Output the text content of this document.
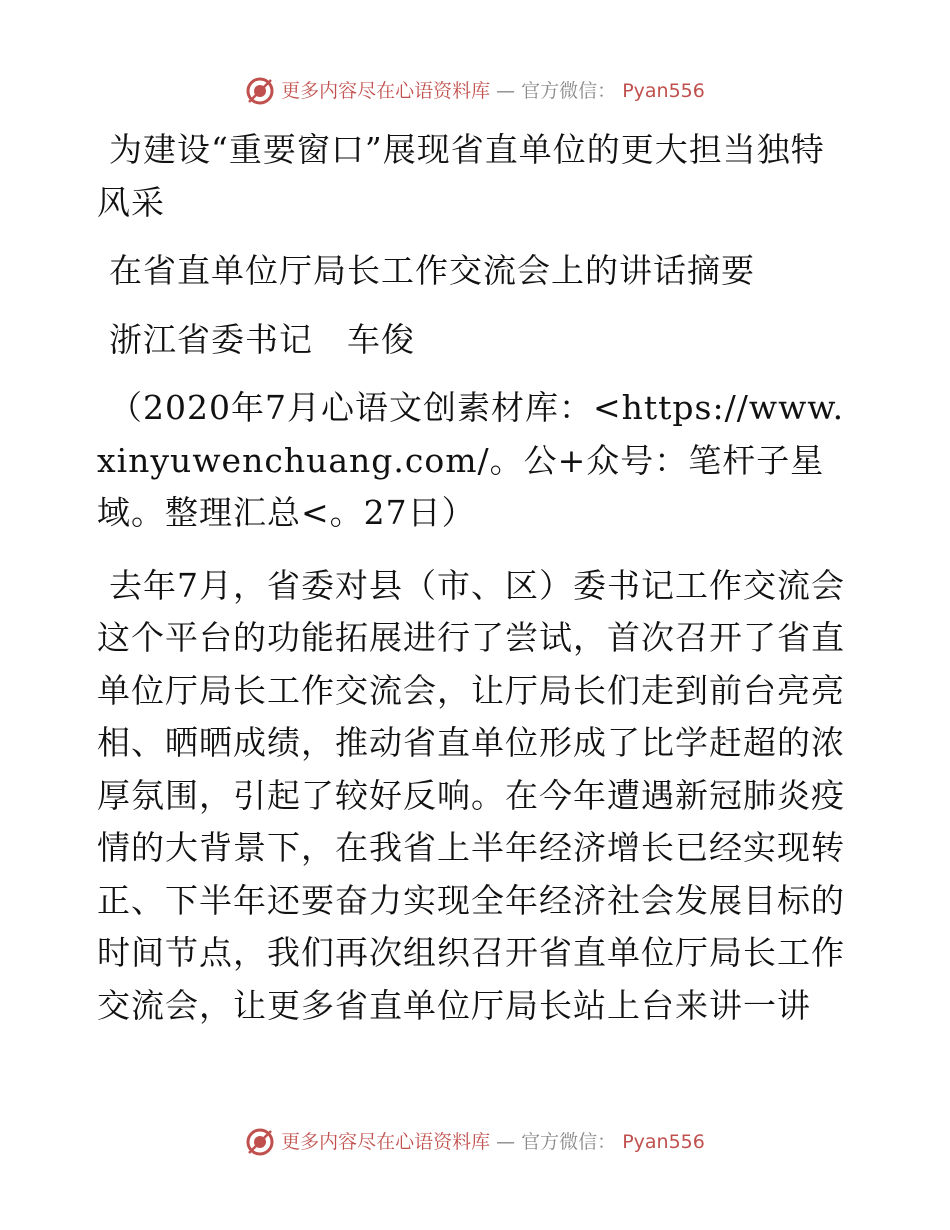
更多内容尽在心语资料库 — 官方微信： Pyan556

为建设“重要窗口”展现省直单位的更大担当独特风采

在省直单位厅局长工作交流会上的讲话摘要

浙江省委书记　车俊

（2020年7月心语文创素材库：<https://www.xinyuwenchuang.com/。公+众号：笔杆子星域。整理汇总<。27日）

去年7月，省委对县（市、区）委书记工作交流会这个平台的功能拓展进行了尝试，首次召开了省直单位厅局长工作交流会，让厅局长们走到前台亮亮相、晒晒成绩，推动省直单位形成了比学赶超的浓厚氛围，引起了较好反响。在今年遭遇新冠肺炎疫情的大背景下，在我省上半年经济增长已经实现转正、下半年还要奋力实现全年经济社会发展目标的时间节点，我们再次组织召开省直单位厅局长工作交流会，让更多省直单位厅局长站上台来讲一讲

更多内容尽在心语资料库 — 官方微信： Pyan556
